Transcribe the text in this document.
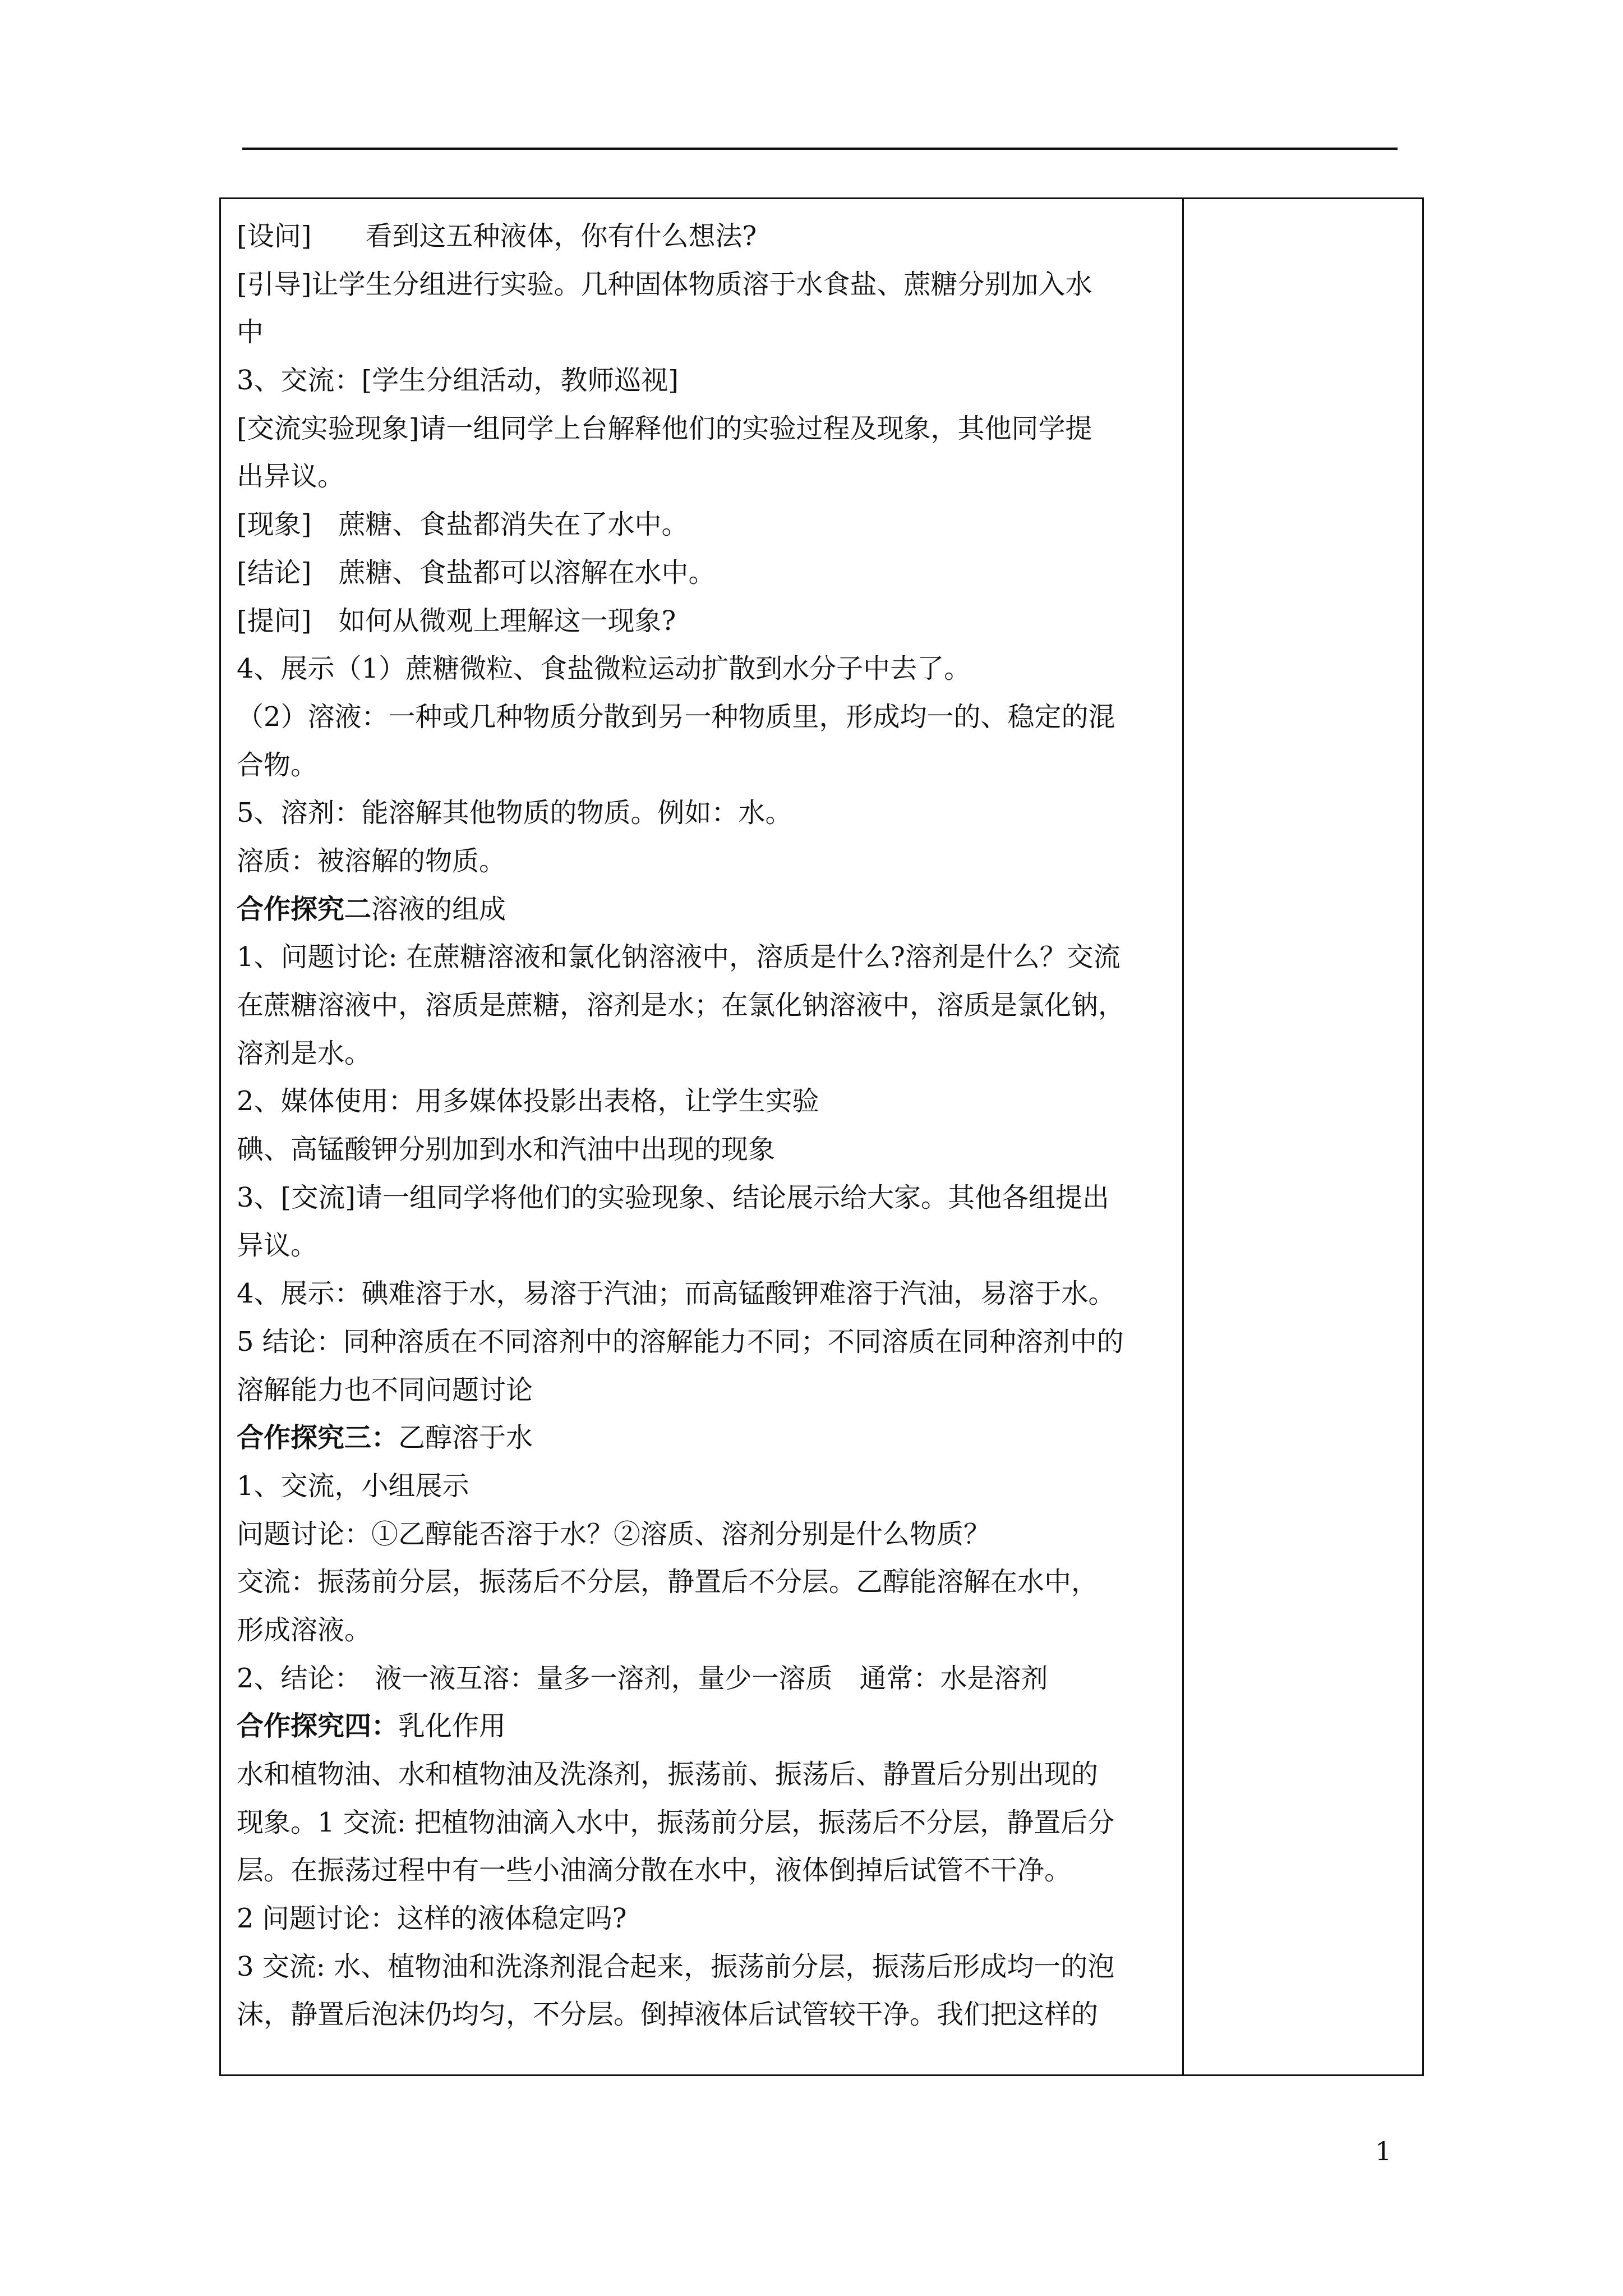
[设问]　　看到这五种液体，你有什么想法?
[引导]让学生分组进行实验。几种固体物质溶于水食盐、蔗糖分别加入水
中
3、交流：[学生分组活动，教师巡视]
[交流实验现象]请一组同学上台解释他们的实验过程及现象，其他同学提
出异议。
[现象]　蔗糖、食盐都消失在了水中。
[结论]　蔗糖、食盐都可以溶解在水中。
[提问]　如何从微观上理解这一现象?
4、展示（1）蔗糖微粒、食盐微粒运动扩散到水分子中去了。
（2）溶液：一种或几种物质分散到另一种物质里，形成均一的、稳定的混
合物。
5、溶剂：能溶解其他物质的物质。例如：水。
溶质：被溶解的物质。
合作探究二溶液的组成
1、问题讨论: 在蔗糖溶液和氯化钠溶液中，溶质是什么?溶剂是什么？交流
在蔗糖溶液中，溶质是蔗糖，溶剂是水；在氯化钠溶液中，溶质是氯化钠，
溶剂是水。
2、媒体使用：用多媒体投影出表格，让学生实验
碘、高锰酸钾分别加到水和汽油中出现的现象
3、[交流]请一组同学将他们的实验现象、结论展示给大家。其他各组提出
异议。
4、展示：碘难溶于水，易溶于汽油；而高锰酸钾难溶于汽油，易溶于水。
5 结论：同种溶质在不同溶剂中的溶解能力不同；不同溶质在同种溶剂中的
溶解能力也不同问题讨论
合作探究三：乙醇溶于水
1、交流，小组展示
问题讨论：①乙醇能否溶于水？②溶质、溶剂分别是什么物质？
交流：振荡前分层，振荡后不分层，静置后不分层。乙醇能溶解在水中，
形成溶液。
2、结论：　液一液互溶：量多一溶剂，量少一溶质　通常：水是溶剂
合作探究四：乳化作用
水和植物油、水和植物油及洗涤剂，振荡前、振荡后、静置后分别出现的
现象。1 交流: 把植物油滴入水中，振荡前分层，振荡后不分层，静置后分
层。在振荡过程中有一些小油滴分散在水中，液体倒掉后试管不干净。
2 问题讨论：这样的液体稳定吗?
3 交流: 水、植物油和洗涤剂混合起来，振荡前分层，振荡后形成均一的泡
沫，静置后泡沫仍均匀，不分层。倒掉液体后试管较干净。我们把这样的
1
